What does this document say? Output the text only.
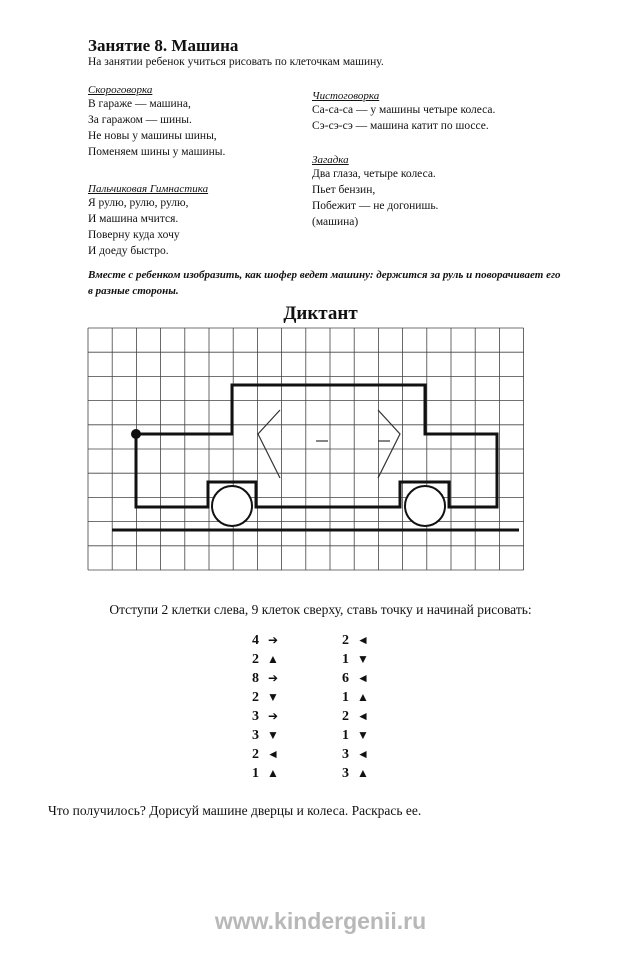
Занятие 8. Машина
На занятии ребенок учиться рисовать по клеточкам машину.
Скороговорка
В гараже — машина,
За гаражом — шины.
Не новы у машины шины,
Поменяем шины у машины.
Пальчиковая Гимнастика
Я рулю, рулю, рулю,
И машина мчится.
Поверну куда хочу
И доеду быстро.
Чистоговорка
Са-са-са — у машины четыре колеса.
Сэ-сэ-сэ — машина катит по шоссе.
Загадка
Два глаза, четыре колеса.
Пьет бензин,
Побежит — не догонишь.
(машина)
Вместе с ребенком изобразить, как шофер ведет машину: держится за руль и поворачивает его в разные стороны.
Диктант
Отступи 2 клетки слева, 9 клеток сверху, ставь точку и начинай рисовать:
4 ➔
2 ▲
8 ➔
2 ▼
3 ➔
3 ▼
2 ◄
1 ▲
2 ◄
1 ▼
6 ◄
1 ▲
2 ◄
1 ▼
3 ◄
3 ▲
Что получилось? Дорисуй машине дверцы и колеса. Раскрась ее.
www.kindergenii.ru
